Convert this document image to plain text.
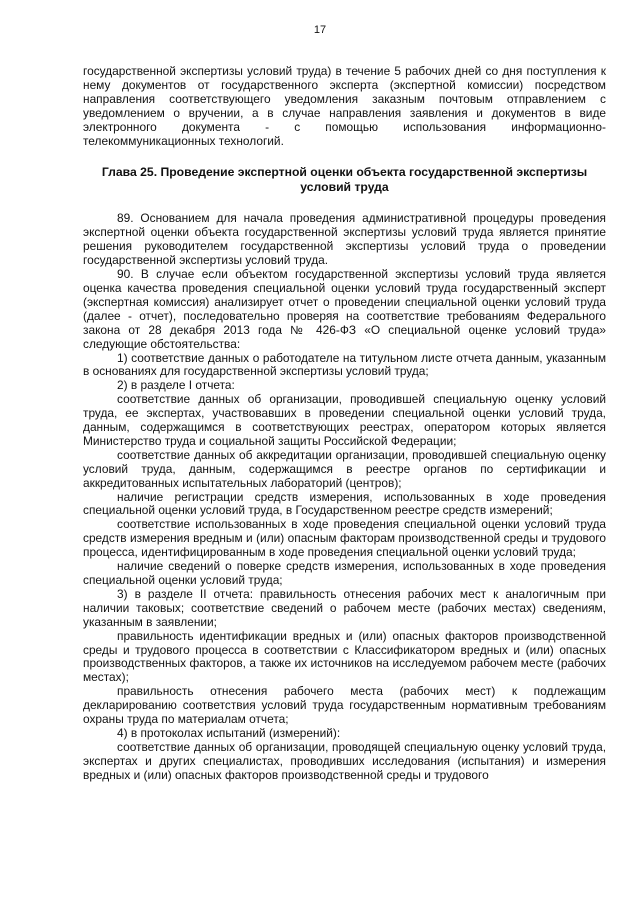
17

государственной экспертизы условий труда) в течение 5 рабочих дней со дня поступления к нему документов от государственного эксперта (экспертной комиссии) посредством направления соответствующего уведомления заказным почтовым отправлением с уведомлением о вручении, а в случае направления заявления и документов в виде электронного документа - с помощью использования информационно-телекоммуникационных технологий.

Глава 25. Проведение экспертной оценки объекта государственной экспертизы условий труда

89. Основанием для начала проведения административной процедуры проведения экспертной оценки объекта государственной экспертизы условий труда является принятие решения руководителем государственной экспертизы условий труда о проведении государственной экспертизы условий труда.

90. В случае если объектом государственной экспертизы условий труда является оценка качества проведения специальной оценки условий труда государственный эксперт (экспертная комиссия) анализирует отчет о проведении специальной оценки условий труда (далее - отчет), последовательно проверяя на соответствие требованиям Федерального закона от 28 декабря 2013 года № 426-ФЗ «О специальной оценке условий труда» следующие обстоятельства:

1) соответствие данных о работодателе на титульном листе отчета данным, указанным в основаниях для государственной экспертизы условий труда;

2) в разделе I отчета:

соответствие данных об организации, проводившей специальную оценку условий труда, ее экспертах, участвовавших в проведении специальной оценки условий труда, данным, содержащимся в соответствующих реестрах, оператором которых является Министерство труда и социальной защиты Российской Федерации;

соответствие данных об аккредитации организации, проводившей специальную оценку условий труда, данным, содержащимся в реестре органов по сертификации и аккредитованных испытательных лабораторий (центров);

наличие регистрации средств измерения, использованных в ходе проведения специальной оценки условий труда, в Государственном реестре средств измерений;

соответствие использованных в ходе проведения специальной оценки условий труда средств измерения вредным и (или) опасным факторам производственной среды и трудового процесса, идентифицированным в ходе проведения специальной оценки условий труда;

наличие сведений о поверке средств измерения, использованных в ходе проведения специальной оценки условий труда;

3) в разделе II отчета: правильность отнесения рабочих мест к аналогичным при наличии таковых; соответствие сведений о рабочем месте (рабочих местах) сведениям, указанным в заявлении;

правильность идентификации вредных и (или) опасных факторов производственной среды и трудового процесса в соответствии с Классификатором вредных и (или) опасных производственных факторов, а также их источников на исследуемом рабочем месте (рабочих местах);

правильность отнесения рабочего места (рабочих мест) к подлежащим декларированию соответствия условий труда государственным нормативным требованиям охраны труда по материалам отчета;

4) в протоколах испытаний (измерений):

соответствие данных об организации, проводящей специальную оценку условий труда, экспертах и других специалистах, проводивших исследования (испытания) и измерения вредных и (или) опасных факторов производственной среды и трудового
